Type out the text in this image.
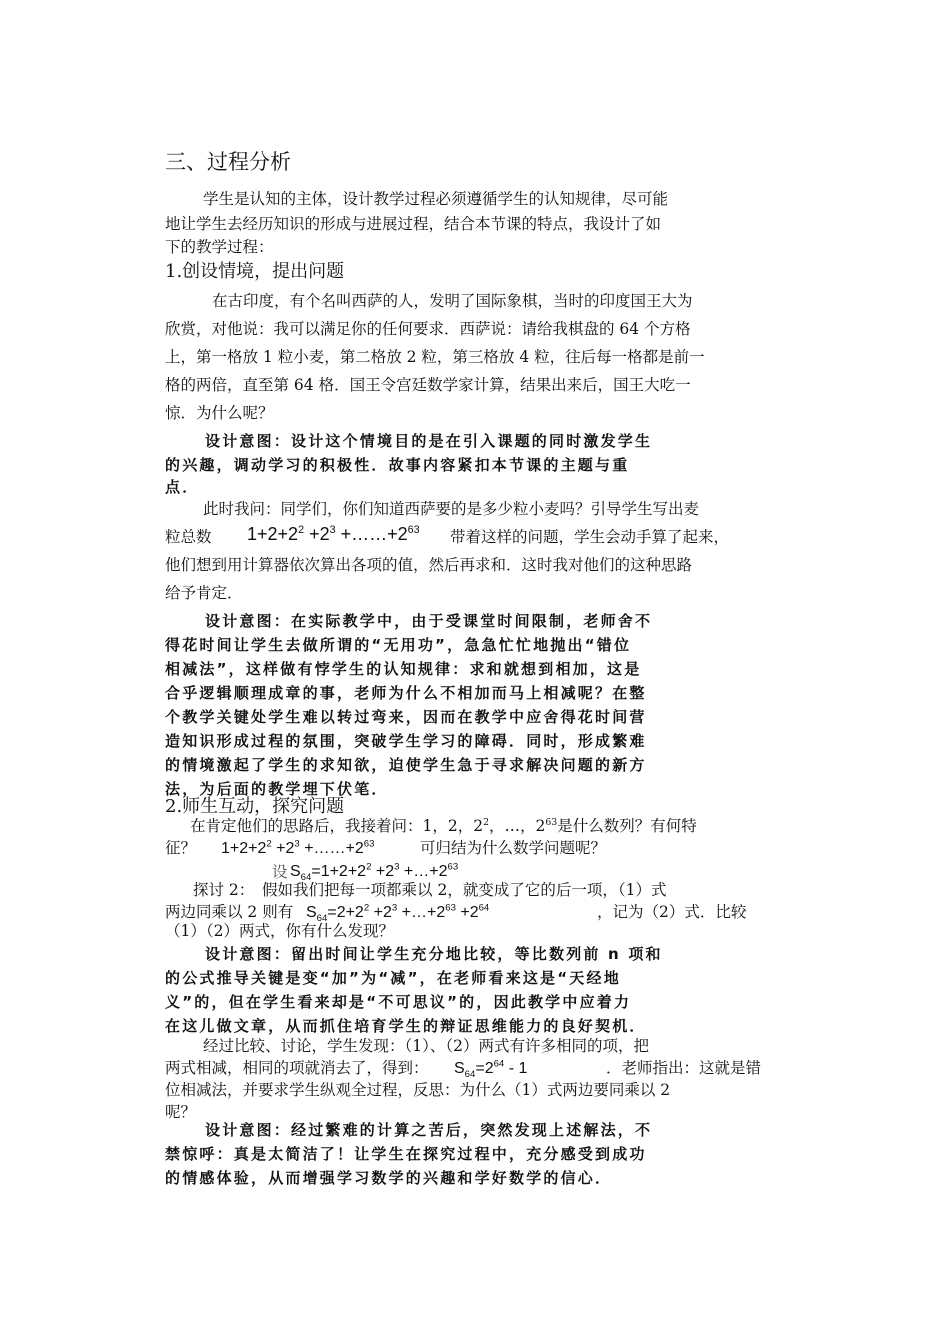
三、过程分析
学生是认知的主体，设计教学过程必须遵循学生的认知规律，尽可能
地让学生去经历知识的形成与进展过程，结合本节课的特点，我设计了如
下的教学过程：
1.创设情境，提出问题
在古印度，有个名叫西萨的人，发明了国际象棋，当时的印度国王大为
欣赏，对他说：我可以满足你的任何要求．西萨说：请给我棋盘的 64 个方格
上，第一格放 1 粒小麦，第二格放 2 粒，第三格放 4 粒，往后每一格都是前一
格的两倍，直至第 64 格．国王令宫廷数学家计算，结果出来后，国王大吃一
惊．为什么呢？
设计意图：设计这个情境目的是在引入课题的同时激发学生
的兴趣，调动学习的积极性．故事内容紧扣本节课的主题与重
点．
此时我问：同学们，你们知道西萨要的是多少粒小麦吗？引导学生写出麦
粒总数 $1+2+2^2 +2^3$ $+\dots\dots+2^{63}$ 带着这样的问题，学生会动手算了起来，
他们想到用计算器依次算出各项的值，然后再求和．这时我对他们的这种思路
给予肯定．
设计意图：在实际教学中，由于受课堂时间限制，老师舍不
得花时间让学生去做所谓的“无用功”，急急忙忙地抛出“错位
相减法”，这样做有悖学生的认知规律：求和就想到相加，这是
合乎逻辑顺理成章的事，老师为什么不相加而马上相减呢？在整
个教学关键处学生难以转过弯来，因而在教学中应舍得花时间营
造知识形成过程的氛围，突破学生学习的障碍．同时，形成繁难
的情境激起了学生的求知欲，迫使学生急于寻求解决问题的新方
法，为后面的教学埋下伏笔．
2.师生互动，探究问题
在肯定他们的思路后，我接着问：1，2，$2^2$，…，$2^{63}$是什么数列？有何特
征？ $1+2+2^2 +2^3$ $+\dots\dots+2^{63}$	可归结为什么数学问题呢？
设 $S_{64}=1+2+2^2 +2^3$ $+\dots+2^{63}$
探讨 2：　假如我们把每一项都乘以 2，就变成了它的后一项，（1）式
两边同乘以 2 则有 $S_{64}=2+2^2 +2^3$ $+\dots+2^{63} +2^{64}$	，记为（2）式．比较
（1）（2）两式，你有什么发现？
设计意图：留出时间让学生充分地比较，等比数列前 n 项和
的公式推导关键是变“加”为“减”，在老师看来这是“天经地
义”的，但在学生看来却是“不可思议”的，因此教学中应着力
在这儿做文章，从而抓住培育学生的辩证思维能力的良好契机．
经过比较、讨论，学生发现：（1）、（2）两式有许多相同的项，把
两式相减，相同的项就消去了，得到： $S_{64}=2^{64} - 1$	．老师指出：这就是错
位相减法，并要求学生纵观全过程，反思：为什么（1）式两边要同乘以 2
呢？
设计意图：经过繁难的计算之苦后，突然发现上述解法，不
禁惊呼：真是太简洁了！让学生在探究过程中，充分感受到成功
的情感体验，从而增强学习数学的兴趣和学好数学的信心．
